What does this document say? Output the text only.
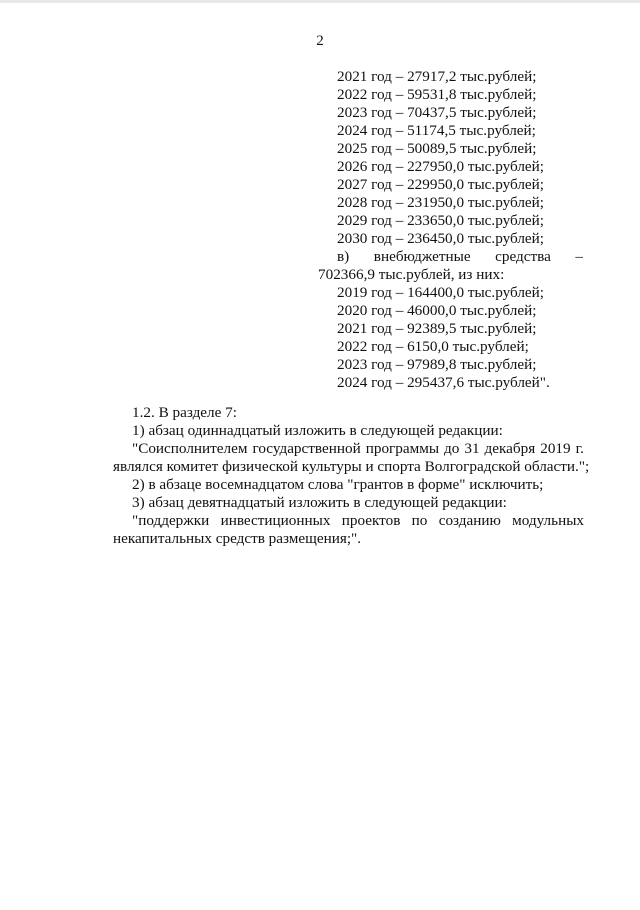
2
2021 год – 27917,2 тыс.рублей;
2022 год – 59531,8 тыс.рублей;
2023 год – 70437,5 тыс.рублей;
2024 год – 51174,5 тыс.рублей;
2025 год – 50089,5 тыс.рублей;
2026 год – 227950,0 тыс.рублей;
2027 год – 229950,0 тыс.рублей;
2028 год – 231950,0 тыс.рублей;
2029 год – 233650,0 тыс.рублей;
2030 год – 236450,0 тыс.рублей;
в) внебюджетные средства –
702366,9 тыс.рублей, из них:
2019 год – 164400,0 тыс.рублей;
2020 год – 46000,0 тыс.рублей;
2021 год – 92389,5 тыс.рублей;
2022 год – 6150,0 тыс.рублей;
2023 год – 97989,8 тыс.рублей;
2024 год – 295437,6 тыс.рублей".
1.2. В разделе 7:
1) абзац одиннадцатый изложить в следующей редакции:
"Соисполнителем государственной программы до 31 декабря 2019 г.
являлся комитет физической культуры и спорта Волгоградской области.";
2) в абзаце восемнадцатом слова "грантов в форме" исключить;
3) абзац девятнадцатый изложить в следующей редакции:
"поддержки инвестиционных проектов по созданию модульных
некапитальных средств размещения;".
